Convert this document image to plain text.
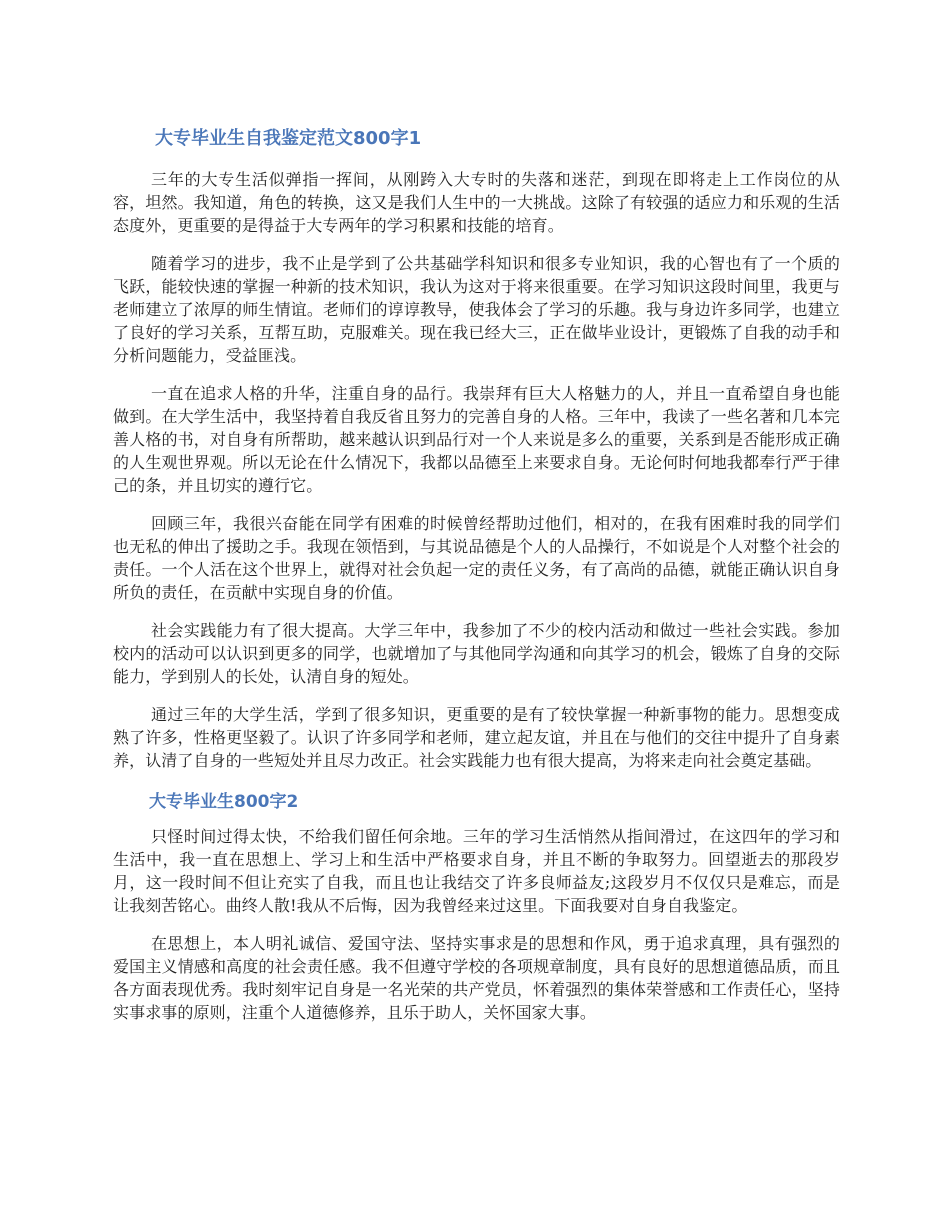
大专毕业生自我鉴定范文800字1

三年的大专生活似弹指一挥间，从刚跨入大专时的失落和迷茫，到现在即将走上工作岗位的从容，坦然。我知道，角色的转换，这又是我们人生中的一大挑战。这除了有较强的适应力和乐观的生活态度外，更重要的是得益于大专两年的学习积累和技能的培育。

随着学习的进步，我不止是学到了公共基础学科知识和很多专业知识，我的心智也有了一个质的飞跃，能较快速的掌握一种新的技术知识，我认为这对于将来很重要。在学习知识这段时间里，我更与老师建立了浓厚的师生情谊。老师们的谆谆教导，使我体会了学习的乐趣。我与身边许多同学，也建立了良好的学习关系，互帮互助，克服难关。现在我已经大三，正在做毕业设计，更锻炼了自我的动手和分析问题能力，受益匪浅。

一直在追求人格的升华，注重自身的品行。我崇拜有巨大人格魅力的人，并且一直希望自身也能做到。在大学生活中，我坚持着自我反省且努力的完善自身的人格。三年中，我读了一些名著和几本完善人格的书，对自身有所帮助，越来越认识到品行对一个人来说是多么的重要，关系到是否能形成正确的人生观世界观。所以无论在什么情况下，我都以品德至上来要求自身。无论何时何地我都奉行严于律己的条，并且切实的遵行它。

回顾三年，我很兴奋能在同学有困难的时候曾经帮助过他们，相对的，在我有困难时我的同学们也无私的伸出了援助之手。我现在领悟到，与其说品德是个人的人品操行，不如说是个人对整个社会的责任。一个人活在这个世界上，就得对社会负起一定的责任义务，有了高尚的品德，就能正确认识自身所负的责任，在贡献中实现自身的价值。

社会实践能力有了很大提高。大学三年中，我参加了不少的校内活动和做过一些社会实践。参加校内的活动可以认识到更多的同学，也就增加了与其他同学沟通和向其学习的机会，锻炼了自身的交际能力，学到别人的长处，认清自身的短处。

通过三年的大学生活，学到了很多知识，更重要的是有了较快掌握一种新事物的能力。思想变成熟了许多，性格更坚毅了。认识了许多同学和老师，建立起友谊，并且在与他们的交往中提升了自身素养，认清了自身的一些短处并且尽力改正。社会实践能力也有很大提高，为将来走向社会奠定基础。

大专毕业生800字2

只怪时间过得太快，不给我们留任何余地。三年的学习生活悄然从指间滑过，在这四年的学习和生活中，我一直在思想上、学习上和生活中严格要求自身，并且不断的争取努力。回望逝去的那段岁月，这一段时间不但让充实了自我，而且也让我结交了许多良师益友;这段岁月不仅仅只是难忘，而是让我刻苦铭心。曲终人散!我从不后悔，因为我曾经来过这里。下面我要对自身自我鉴定。

在思想上，本人明礼诚信、爱国守法、坚持实事求是的思想和作风，勇于追求真理，具有强烈的爱国主义情感和高度的社会责任感。我不但遵守学校的各项规章制度，具有良好的思想道德品质，而且各方面表现优秀。我时刻牢记自身是一名光荣的共产党员，怀着强烈的集体荣誉感和工作责任心，坚持实事求事的原则，注重个人道德修养，且乐于助人，关怀国家大事。
